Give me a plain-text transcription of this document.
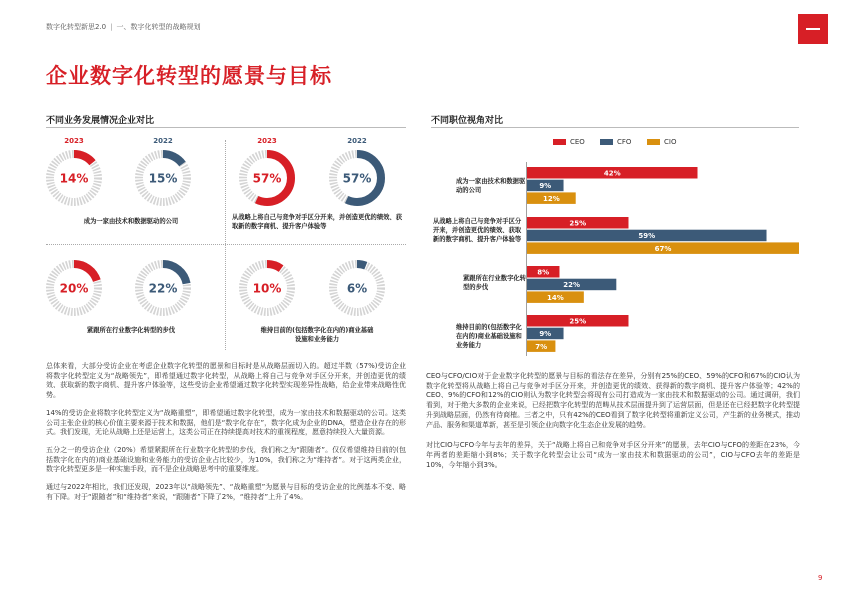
数字化转型新思2.0 | 一、数字化转型的战略规划
企业数字化转型的愿景与目标
不同业务发展情况企业对比
2023	2022
14%	15%
成为一家由技术和数据驱动的公司
2023	2022
57%	57%
从战略上将自己与竞争对手区分开来，并创造更优的绩效、获取新的数字商机、提升客户体验等
20%	22%
紧跟所在行业数字化转型的步伐
10%	6%
维持目前的(包括数字化在内的)商业基础设施和业务能力

总体来看，大部分受访企业在考虑企业数字化转型的愿景和目标时是从战略层面切入的。超过半数（57%)受访企业将数字化转型定义为“战略领先”，即希望通过数字化转型，从战略上将自己与竞争对手区分开来，并创造更优的绩效、获取新的数字商机、提升客户体验等，这些受访企业希望通过数字化转型实现差异性战略，给企业带来战略性优势。

14%的受访企业将数字化转型定义为“战略重塑”，即希望通过数字化转型，成为一家由技术和数据驱动的公司。这类公司主张企业的核心价值主要来源于技术和数据，他们是“数字化存在”，数字化成为企业的DNA，塑造企业存在的形式。我们发现，无论从战略上还是运营上，这类公司正在持续提高对技术的重视程度，愿意持续投入大量资源。

五分之一的受访企业（20%）希望紧跟所在行业数字化转型的步伐，我们称之为“跟随者”。仅仅希望维持目前的(包括数字化在内的)商业基础设施和业务能力的受访企业占比较少，为10%，我们称之为“维持者”。对于这两类企业，数字化转型更多是一种实施手段，而不是企业战略思考中的重要维度。

通过与2022年相比，我们还发现，2023年以“战略领先”、“战略重塑”为愿景与目标的受访企业的比例基本不变、略有下降。对于“跟随者”和“维持者”来说，“跟随者”下降了2%，“维持者”上升了4%。

不同职位视角对比
CEO	CFO	CIO
成为一家由技术和数据驱动的公司
从战略上将自己与竞争对手区分开来，并创造更优的绩效、获取新的数字商机、提升客户体验等
紧跟所在行业数字化转型的步伐
维持目前的(包括数字化在内的)商业基础设施和业务能力
42%
9%
12%
25%
59%
67%
8%
22%
14%
25%
9%
7%

CEO与CFO/CIO对于企业数字化转型的愿景与目标的看法存在差异，分别有25%的CEO、59%的CFO和67%的CIO认为数字化转型将从战略上将自己与竞争对手区分开来，并创造更优的绩效、获得新的数字商机、提升客户体验等；42%的CEO、9%的CFO和12%的CIO则认为数字化转型会将现有公司打造成为一家由技术和数据驱动的公司。通过调研，我们看到，对于绝大多数的企业来说，已经把数字化转型的范畴从技术层面提升到了运营层面，但是还在已经把数字化转型提升到战略层面，仍然有待商榷。三者之中，只有42%的CEO看到了数字化转型将重新定义公司，产生新的业务模式，推动产品、服务和渠道革新，甚至是引领企业向数字化生态企业发展的趋势。

对比CIO与CFO今年与去年的差异，关于“战略上将自己和竞争对手区分开来”的愿景，去年CIO与CFO的差距在23%，今年两者的差距缩小到8%；关于数字化转型会让公司“成为一家由技术和数据驱动的公司”，CIO与CFO去年的差距是10%，今年缩小到3%。

9
